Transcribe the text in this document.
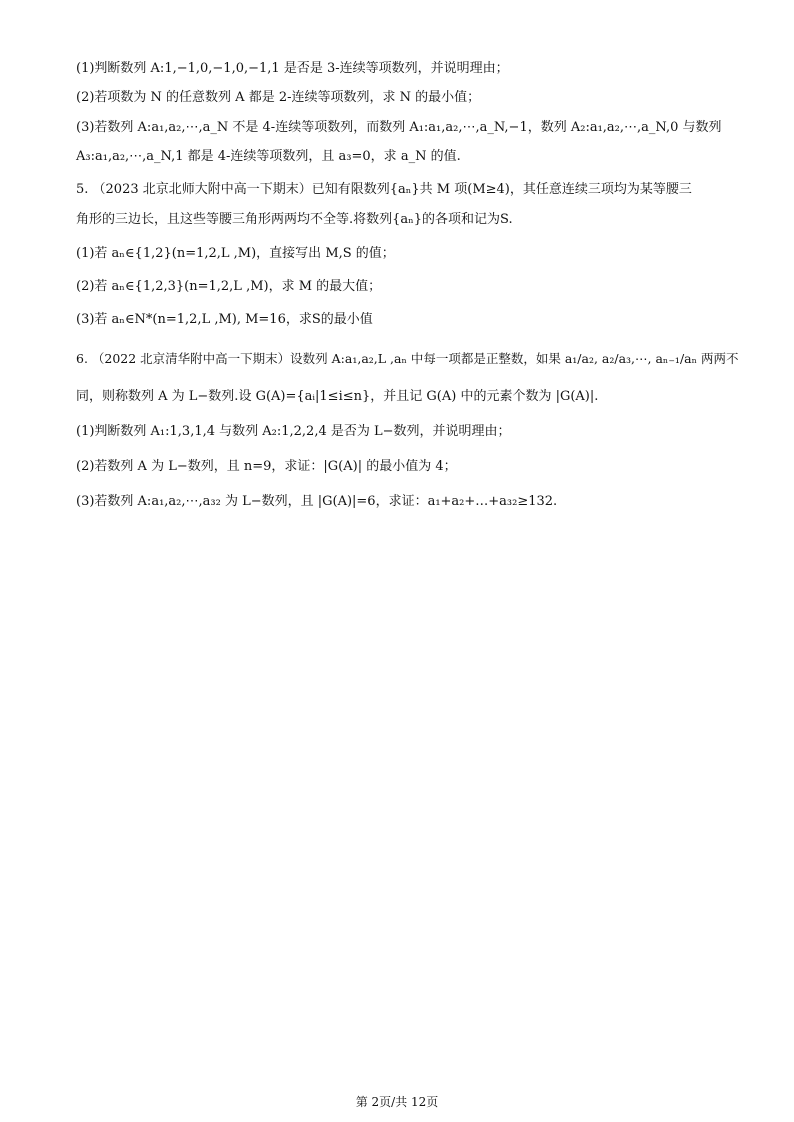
(1)判断数列 A:1,−1,0,−1,0,−1,1 是否是 3-连续等项数列，并说明理由；
(2)若项数为 N 的任意数列 A 都是 2-连续等项数列，求 N 的最小值；
(3)若数列 A:a₁,a₂,⋯,a_N 不是 4-连续等项数列，而数列 A₁:a₁,a₂,⋯,a_N,−1，数列 A₂:a₁,a₂,⋯,a_N,0 与数列
A₃:a₁,a₂,⋯,a_N,1 都是 4-连续等项数列，且 a₃=0，求 a_N 的值.
5. （2023 北京北师大附中高一下期末）已知有限数列{aₙ}共 M 项(M≥4)，其任意连续三项均为某等腰三
角形的三边长，且这些等腰三角形两两均不全等.将数列{aₙ}的各项和记为S.
(1)若 aₙ∈{1,2}(n=1,2,L ,M)，直接写出 M,S 的值；
(2)若 aₙ∈{1,2,3}(n=1,2,L ,M)，求 M 的最大值；
(3)若 aₙ∈N*(n=1,2,L ,M), M=16，求S的最小值
6. （2022 北京清华附中高一下期末）设数列 A:a₁,a₂,L ,aₙ 中每一项都是正整数，如果 a₁/a₂, a₂/a₃,⋯, aₙ₋₁/aₙ 两两不
同，则称数列 A 为 L−数列.设 G(A)={aᵢ|1≤i≤n}，并且记 G(A) 中的元素个数为 |G(A)|.
(1)判断数列 A₁:1,3,1,4 与数列 A₂:1,2,2,4 是否为 L−数列，并说明理由；
(2)若数列 A 为 L−数列，且 n=9，求证：|G(A)| 的最小值为 4；
(3)若数列 A:a₁,a₂,⋯,a₃₂ 为 L−数列，且 |G(A)|=6，求证：a₁+a₂+…+a₃₂≥132.
第 2页/共 12页
